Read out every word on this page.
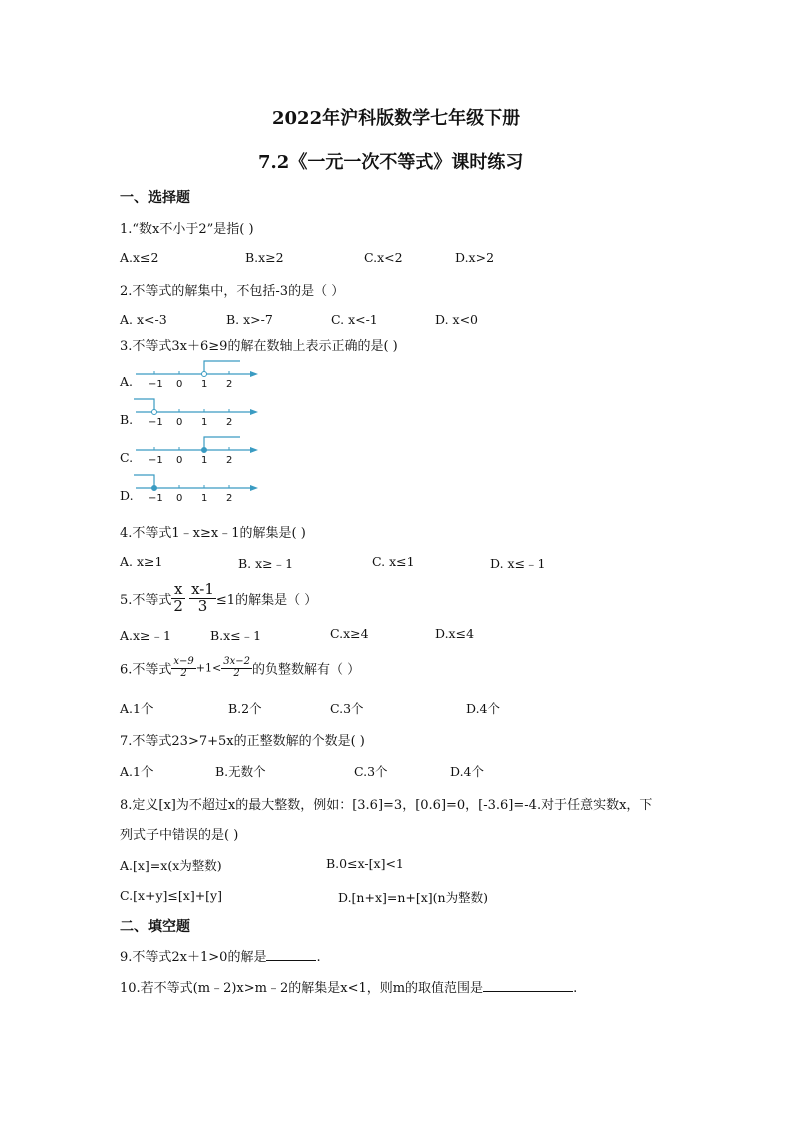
2022年沪科版数学七年级下册
7.2《一元一次不等式》课时练习
一、选择题
1.“数x不小于2”是指( )
A.x≤2	B.x≥2	C.x<2	D.x>2
2.不等式的解集中，不包括-3的是（ ）
A. x<-3	B. x>-7	C. x<-1	D. x<0
3.不等式3x＋6≥9的解在数轴上表示正确的是( )
A. −1 0 1 2
B. −1 0 1 2
C. −1 0 1 2
D. −1 0 1 2
4.不等式1﹣x≥x﹣1的解集是( )
A. x≥1	B. x≥﹣1	C. x≤1	D. x≤﹣1
5.不等式 $\frac{x}{2}$
$\frac{x-1}{3} \le 1$的解集是（ ）
A.x≥﹣1	B.x≤﹣1	C.x≥4	D.x≤4
6.不等式 $\frac{x-9}{2} +1< \frac{3x-2}{2}$ 的负整数解有（ ）
A.1个	B.2个	C.3个	D.4个
7.不等式23>7+5x的正整数解的个数是( )
A.1个	B.无数个	C.3个	D.4个
8.定义[x]为不超过x的最大整数，例如：[3.6]=3，[0.6]=0，[-3.6]=-4.对于任意实数x，下
列式子中错误的是( )
A.[x]=x(x为整数)	B.0≤x-[x]<1
C.[x+y]≤[x]+[y]	D.[n+x]=n+[x](n为整数)
二、填空题
9.不等式2x＋1>0的解是	.
10.若不等式(m﹣2)x>m﹣2的解集是x<1，则m的取值范围是	.
